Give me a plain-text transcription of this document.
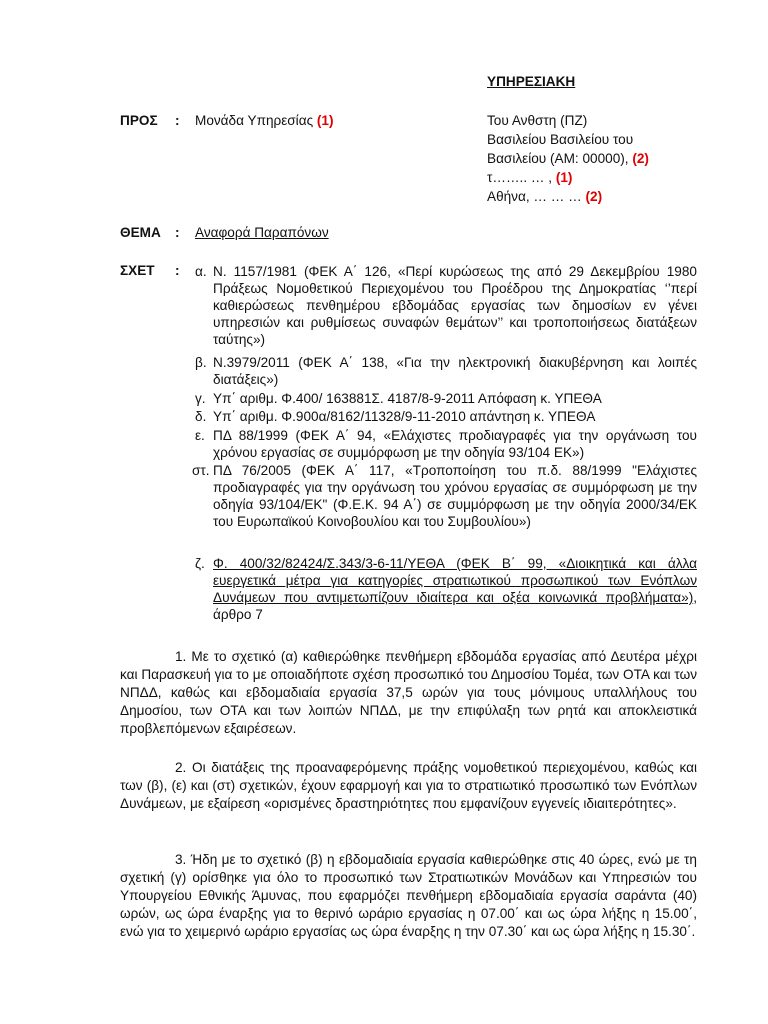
ΥΠΗΡΕΣΙΑΚΗ
ΠΡΟΣ : Μονάδα Υπηρεσίας (1)	Του Ανθστη (ΠΖ)
Βασιλείου Βασιλείου του
Βασιλείου (ΑΜ: 00000), (2)
τ…….. … , (1)
Αθήνα, … … … (2)
ΘΕΜΑ : Αναφορά Παραπόνων
ΣΧΕΤ : α. Ν. 1157/1981 (ΦΕΚ Α΄ 126, «Περί κυρώσεως της από 29 Δεκεμβρίου 1980 Πράξεως Νομοθετικού Περιεχομένου του Προέδρου της Δημοκρατίας ‘’περί καθιερώσεως πενθημέρου εβδομάδας εργασίας των δημοσίων εν γένει υπηρεσιών και ρυθμίσεως συναφών θεμάτων’’ και τροποποιήσεως διατάξεων ταύτης»)
β. Ν.3979/2011 (ΦΕΚ Α΄ 138, «Για την ηλεκτρονική διακυβέρνηση και λοιπές διατάξεις»)
γ. Υπ΄ αριθμ. Φ.400/ 163881Σ. 4187/8-9-2011 Απόφαση κ. ΥΠΕΘΑ
δ. Υπ΄ αριθμ. Φ.900α/8162/11328/9-11-2010 απάντηση κ. ΥΠΕΘΑ
ε. ΠΔ 88/1999 (ΦΕΚ Α΄ 94, «Ελάχιστες προδιαγραφές για την οργάνωση του χρόνου εργασίας σε συμμόρφωση με την οδηγία 93/104 ΕΚ»)
στ. ΠΔ 76/2005 (ΦΕΚ Α΄ 117, «Τροποποίηση του π.δ. 88/1999 "Ελάχιστες προδιαγραφές για την οργάνωση του χρόνου εργασίας σε συμμόρφωση με την οδηγία 93/104/ΕΚ" (Φ.Ε.Κ. 94 Α΄) σε συμμόρφωση με την οδηγία 2000/34/ΕΚ του Ευρωπαϊκού Κοινοβουλίου και του Συμβουλίου»)
ζ. Φ. 400/32/82424/Σ.343/3-6-11/ΥΕΘΑ (ΦΕΚ Β΄ 99, «Διοικητικά και άλλα ευεργετικά μέτρα για κατηγορίες στρατιωτικού προσωπικού των Ενόπλων Δυνάμεων που αντιμετωπίζουν ιδιαίτερα και οξέα κοινωνικά προβλήματα»), άρθρο 7
1. Με το σχετικό (α) καθιερώθηκε πενθήμερη εβδομάδα εργασίας από Δευτέρα μέχρι και Παρασκευή για το με οποιαδήποτε σχέση προσωπικό του Δημοσίου Τομέα, των ΟΤΑ και των ΝΠΔΔ, καθώς και εβδομαδιαία εργασία 37,5 ωρών για τους μόνιμους υπαλλήλους του Δημοσίου, των ΟΤΑ και των λοιπών ΝΠΔΔ, με την επιφύλαξη των ρητά και αποκλειστικά προβλεπόμενων εξαιρέσεων.
2. Οι διατάξεις της προαναφερόμενης πράξης νομοθετικού περιεχομένου, καθώς και των (β), (ε) και (στ) σχετικών, έχουν εφαρμογή και για το στρατιωτικό προσωπικό των Ενόπλων Δυνάμεων, με εξαίρεση «ορισμένες δραστηριότητες που εμφανίζουν εγγενείς ιδιαιτερότητες».
3. Ήδη με το σχετικό (β) η εβδομαδιαία εργασία καθιερώθηκε στις 40 ώρες, ενώ με τη σχετική (γ) ορίσθηκε για όλο το προσωπικό των Στρατιωτικών Μονάδων και Υπηρεσιών του Υπουργείου Εθνικής Άμυνας, που εφαρμόζει πενθήμερη εβδομαδιαία εργασία σαράντα (40) ωρών, ως ώρα έναρξης για το θερινό ωράριο εργασίας η 07.00΄ και ως ώρα λήξης η 15.00΄, ενώ για το χειμερινό ωράριο εργασίας ως ώρα έναρξης η την 07.30΄ και ως ώρα λήξης η 15.30΄.
